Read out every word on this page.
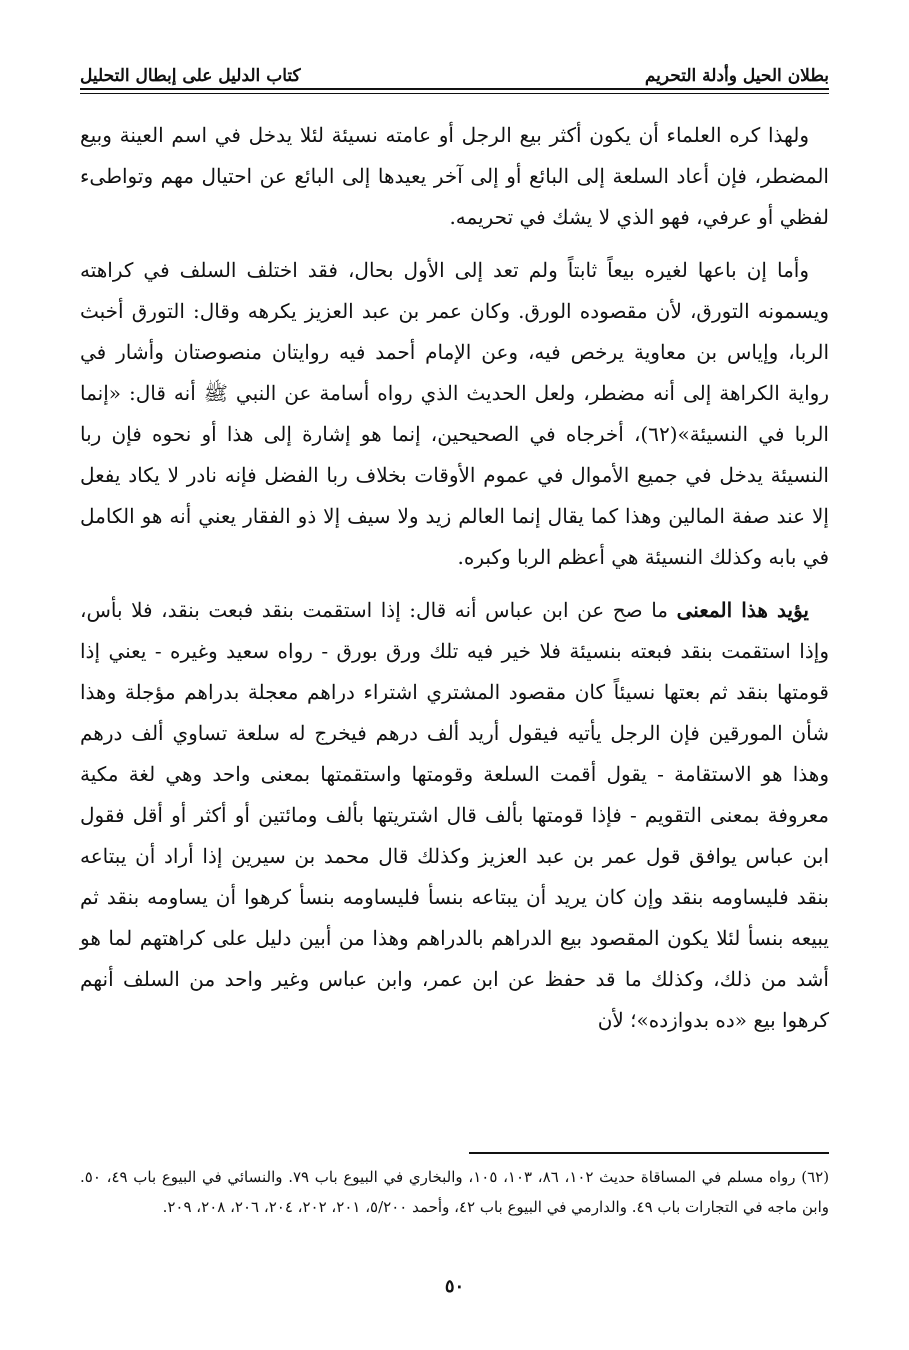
بطلان الحيل وأدلة التحريم
كتاب الدليل على إبطال التحليل

ولهذا كره العلماء أن يكون أكثر بيع الرجل أو عامته نسيئة لئلا يدخل في اسم العينة وبيع المضطر، فإن أعاد السلعة إلى البائع أو إلى آخر يعيدها إلى البائع عن احتيال مهم وتواطىء لفظي أو عرفي، فهو الذي لا يشك في تحريمه.

وأما إن باعها لغيره بيعاً ثابتاً ولم تعد إلى الأول بحال، فقد اختلف السلف في كراهته ويسمونه التورق، لأن مقصوده الورق. وكان عمر بن عبد العزيز يكرهه وقال: التورق أخبث الربا، وإياس بن معاوية يرخص فيه، وعن الإمام أحمد فيه روايتان منصوصتان وأشار في رواية الكراهة إلى أنه مضطر، ولعل الحديث الذي رواه أسامة عن النبي ﷺ أنه قال: «إنما الربا في النسيئة»(٦٢)، أخرجاه في الصحيحين، إنما هو إشارة إلى هذا أو نحوه فإن ربا النسيئة يدخل في جميع الأموال في عموم الأوقات بخلاف ربا الفضل فإنه نادر لا يكاد يفعل إلا عند صفة المالين وهذا كما يقال إنما العالم زيد ولا سيف إلا ذو الفقار يعني أنه هو الكامل في بابه وكذلك النسيئة هي أعظم الربا وكبره.

يؤيد هذا المعنى ما صح عن ابن عباس أنه قال: إذا استقمت بنقد فبعت بنقد، فلا بأس، وإذا استقمت بنقد فبعته بنسيئة فلا خير فيه تلك ورق بورق - رواه سعيد وغيره - يعني إذا قومتها بنقد ثم بعتها نسيئاً كان مقصود المشتري اشتراء دراهم معجلة بدراهم مؤجلة وهذا شأن المورقين فإن الرجل يأتيه فيقول أريد ألف درهم فيخرج له سلعة تساوي ألف درهم وهذا هو الاستقامة - يقول أقمت السلعة وقومتها واستقمتها بمعنى واحد وهي لغة مكية معروفة بمعنى التقويم - فإذا قومتها بألف قال اشتريتها بألف ومائتين أو أكثر أو أقل فقول ابن عباس يوافق قول عمر بن عبد العزيز وكذلك قال محمد بن سيرين إذا أراد أن يبتاعه بنقد فليساومه بنقد وإن كان يريد أن يبتاعه بنسأ فليساومه بنسأ كرهوا أن يساومه بنقد ثم يبيعه بنسأ لئلا يكون المقصود بيع الدراهم بالدراهم وهذا من أبين دليل على كراهتهم لما هو أشد من ذلك، وكذلك ما قد حفظ عن ابن عمر، وابن عباس وغير واحد من السلف أنهم كرهوا بيع «ده بدوازده»؛ لأن

(٦٢) رواه مسلم في المساقاة حديث ١٠٢، ٨٦، ١٠٣، ١٠٥، والبخاري في البيوع باب ٧٩. والنسائي في البيوع باب ٤٩، ٥٠. وابن ماجه في التجارات باب ٤٩. والدارمي في البيوع باب ٤٢، وأحمد ٥/٢٠٠، ٢٠١، ٢٠٢، ٢٠٤، ٢٠٦، ٢٠٨، ٢٠٩.
٥٠
